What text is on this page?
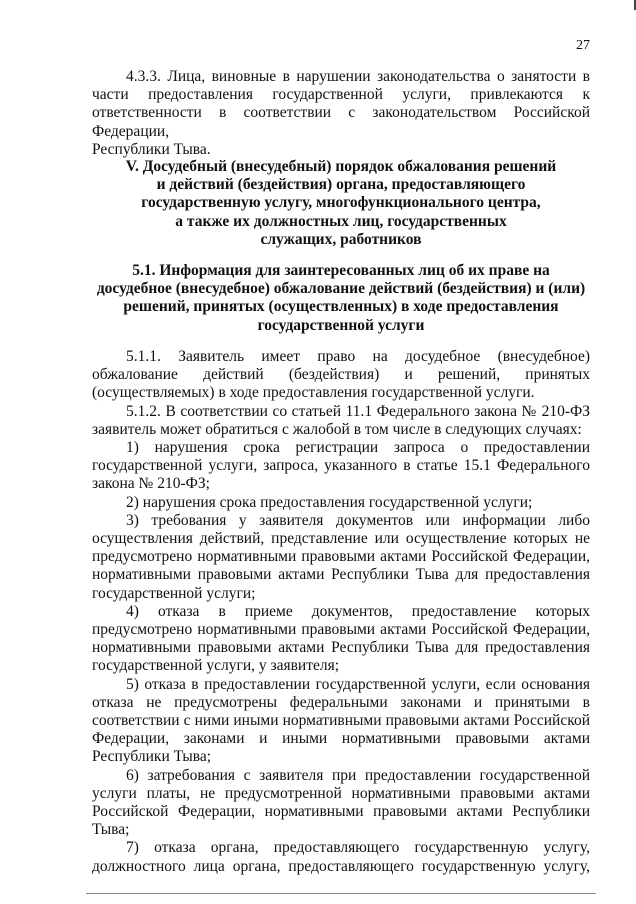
27
4.3.3. Лица, виновные в нарушении законодательства о занятости в
части предоставления государственной услуги, привлекаются к
ответственности в соответствии с законодательством Российской Федерации,
Республики Тыва.
V. Досудебный (внесудебный) порядок обжалования решений
и действий (бездействия) органа, предоставляющего
государственную услугу, многофункционального центра,
а также их должностных лиц, государственных
служащих, работников
5.1. Информация для заинтересованных лиц об их праве на
досудебное (внесудебное) обжалование действий (бездействия) и (или)
решений, принятых (осуществленных) в ходе предоставления
государственной услуги
5.1.1. Заявитель имеет право на досудебное (внесудебное) обжалование действий (бездействия) и решений, принятых (осуществляемых) в ходе предоставления государственной услуги.
5.1.2. В соответствии со статьей 11.1 Федерального закона № 210-ФЗ заявитель может обратиться с жалобой в том числе в следующих случаях:
1) нарушения срока регистрации запроса о предоставлении государственной услуги, запроса, указанного в статье 15.1 Федерального закона № 210-ФЗ;
2) нарушения срока предоставления государственной услуги;
3) требования у заявителя документов или информации либо осуществления действий, представление или осуществление которых не предусмотрено нормативными правовыми актами Российской Федерации, нормативными правовыми актами Республики Тыва для предоставления государственной услуги;
4) отказа в приеме документов, предоставление которых предусмотрено нормативными правовыми актами Российской Федерации, нормативными правовыми актами Республики Тыва для предоставления государственной услуги, у заявителя;
5) отказа в предоставлении государственной услуги, если основания отказа не предусмотрены федеральными законами и принятыми в соответствии с ними иными нормативными правовыми актами Российской Федерации, законами и иными нормативными правовыми актами Республики Тыва;
6) затребования с заявителя при предоставлении государственной услуги платы, не предусмотренной нормативными правовыми актами Российской Федерации, нормативными правовыми актами Республики Тыва;
7) отказа органа, предоставляющего государственную услугу, должностного лица органа, предоставляющего государственную услугу,
